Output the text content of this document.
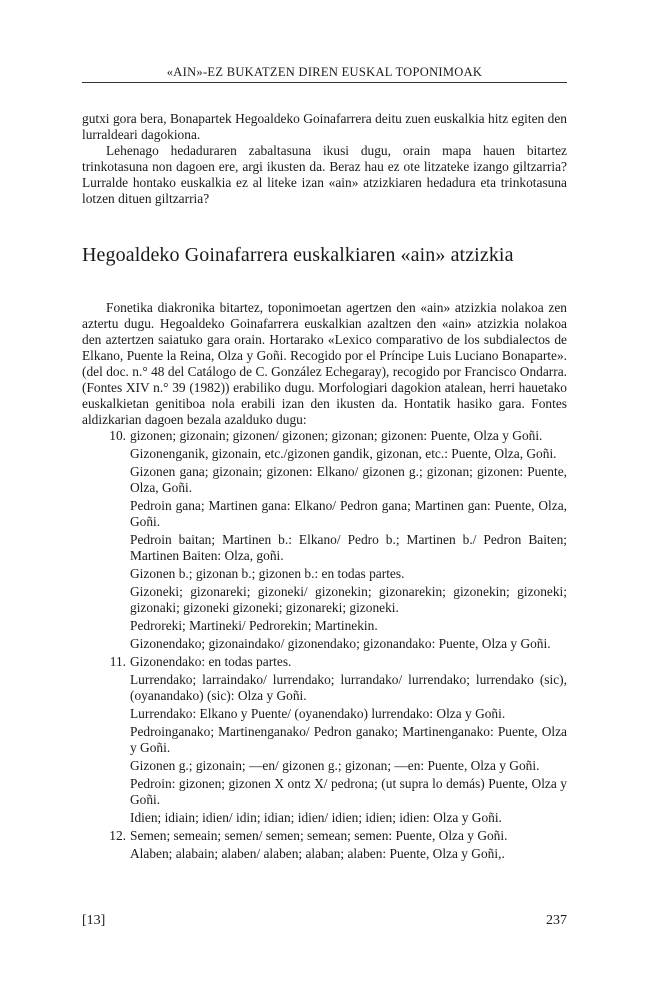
«AIN»-EZ BUKATZEN DIREN EUSKAL TOPONIMOAK

gutxi gora bera, Bonapartek Hegoaldeko Goinafarrera deitu zuen euskalkia hitz egiten den lurraldeari dagokiona.

Lehenago hedaduraren zabaltasuna ikusi dugu, orain mapa hauen bitartez trinkotasuna non dagoen ere, argi ikusten da. Beraz hau ez ote litzateke izango giltzarria? Lurralde hontako euskalkia ez al liteke izan «ain» atzizkiaren hedadura eta trinkotasuna lotzen dituen giltzarria?

Hegoaldeko Goinafarrera euskalkiaren «ain» atzizkia

Fonetika diakronika bitartez, toponimoetan agertzen den «ain» atzizkia nolakoa zen aztertu dugu. Hegoaldeko Goinafarrera euskalkian azaltzen den «ain» atzizkia nolakoa den aztertzen saiatuko gara orain. Hortarako «Lexico comparativo de los subdialectos de Elkano, Puente la Reina, Olza y Goñi. Recogido por el Príncipe Luis Luciano Bonaparte». (del doc. n.° 48 del Catálogo de C. González Echegaray), recogido por Francisco Ondarra. (Fontes XIV n.° 39 (1982)) erabiliko dugu. Morfologiari dagokion atalean, herri hauetako euskalkietan genitiboa nola erabili izan den ikusten da. Hontatik hasiko gara. Fontes aldizkarian dagoen bezala azalduko dugu:

10. gizonen; gizonain; gizonen/ gizonen; gizonan; gizonen: Puente, Olza y Goñi.

Gizonenganik, gizonain, etc./gizonen gandik, gizonan, etc.: Puente, Olza, Goñi.

Gizonen gana; gizonain; gizonen: Elkano/ gizonen g.; gizonan; gizonen: Puente, Olza, Goñi.

Pedroin gana; Martinen gana: Elkano/ Pedron gana; Martinen gan: Puente, Olza, Goñi.

Pedroin baitan; Martinen b.: Elkano/ Pedro b.; Martinen b./ Pedron Baiten; Martinen Baiten: Olza, goñi.

Gizonen b.; gizonan b.; gizonen b.: en todas partes.

Gizoneki; gizonareki; gizoneki/ gizonekin; gizonarekin; gizonekin; gizoneki; gizonaki; gizoneki gizoneki; gizonareki; gizoneki.

Pedroreki; Martineki/ Pedrorekin; Martinekin.

Gizonendako; gizonaindako/ gizonendako; gizonandako: Puente, Olza y Goñi.

11. Gizonendako: en todas partes.

Lurrendako; larraindako/ lurrendako; lurrandako/ lurrendako; lurrendako (sic), (oyanandako) (sic): Olza y Goñi.

Lurrendako: Elkano y Puente/ (oyanendako) lurrendako: Olza y Goñi.

Pedroinganako; Martinenganako/ Pedron ganako; Martinenganako: Puente, Olza y Goñi.

Gizonen g.; gizonain; —en/ gizonen g.; gizonan; —en: Puente, Olza y Goñi.

Pedroin: gizonen; gizonen X ontz X/ pedrona; (ut supra lo demás) Puente, Olza y Goñi.

Idien; idiain; idien/ idin; idian; idien/ idien; idien; idien: Olza y Goñi.

12. Semen; semeain; semen/ semen; semean; semen: Puente, Olza y Goñi.

Alaben; alabain; alaben/ alaben; alaban; alaben: Puente, Olza y Goñi,.

[13]	237
